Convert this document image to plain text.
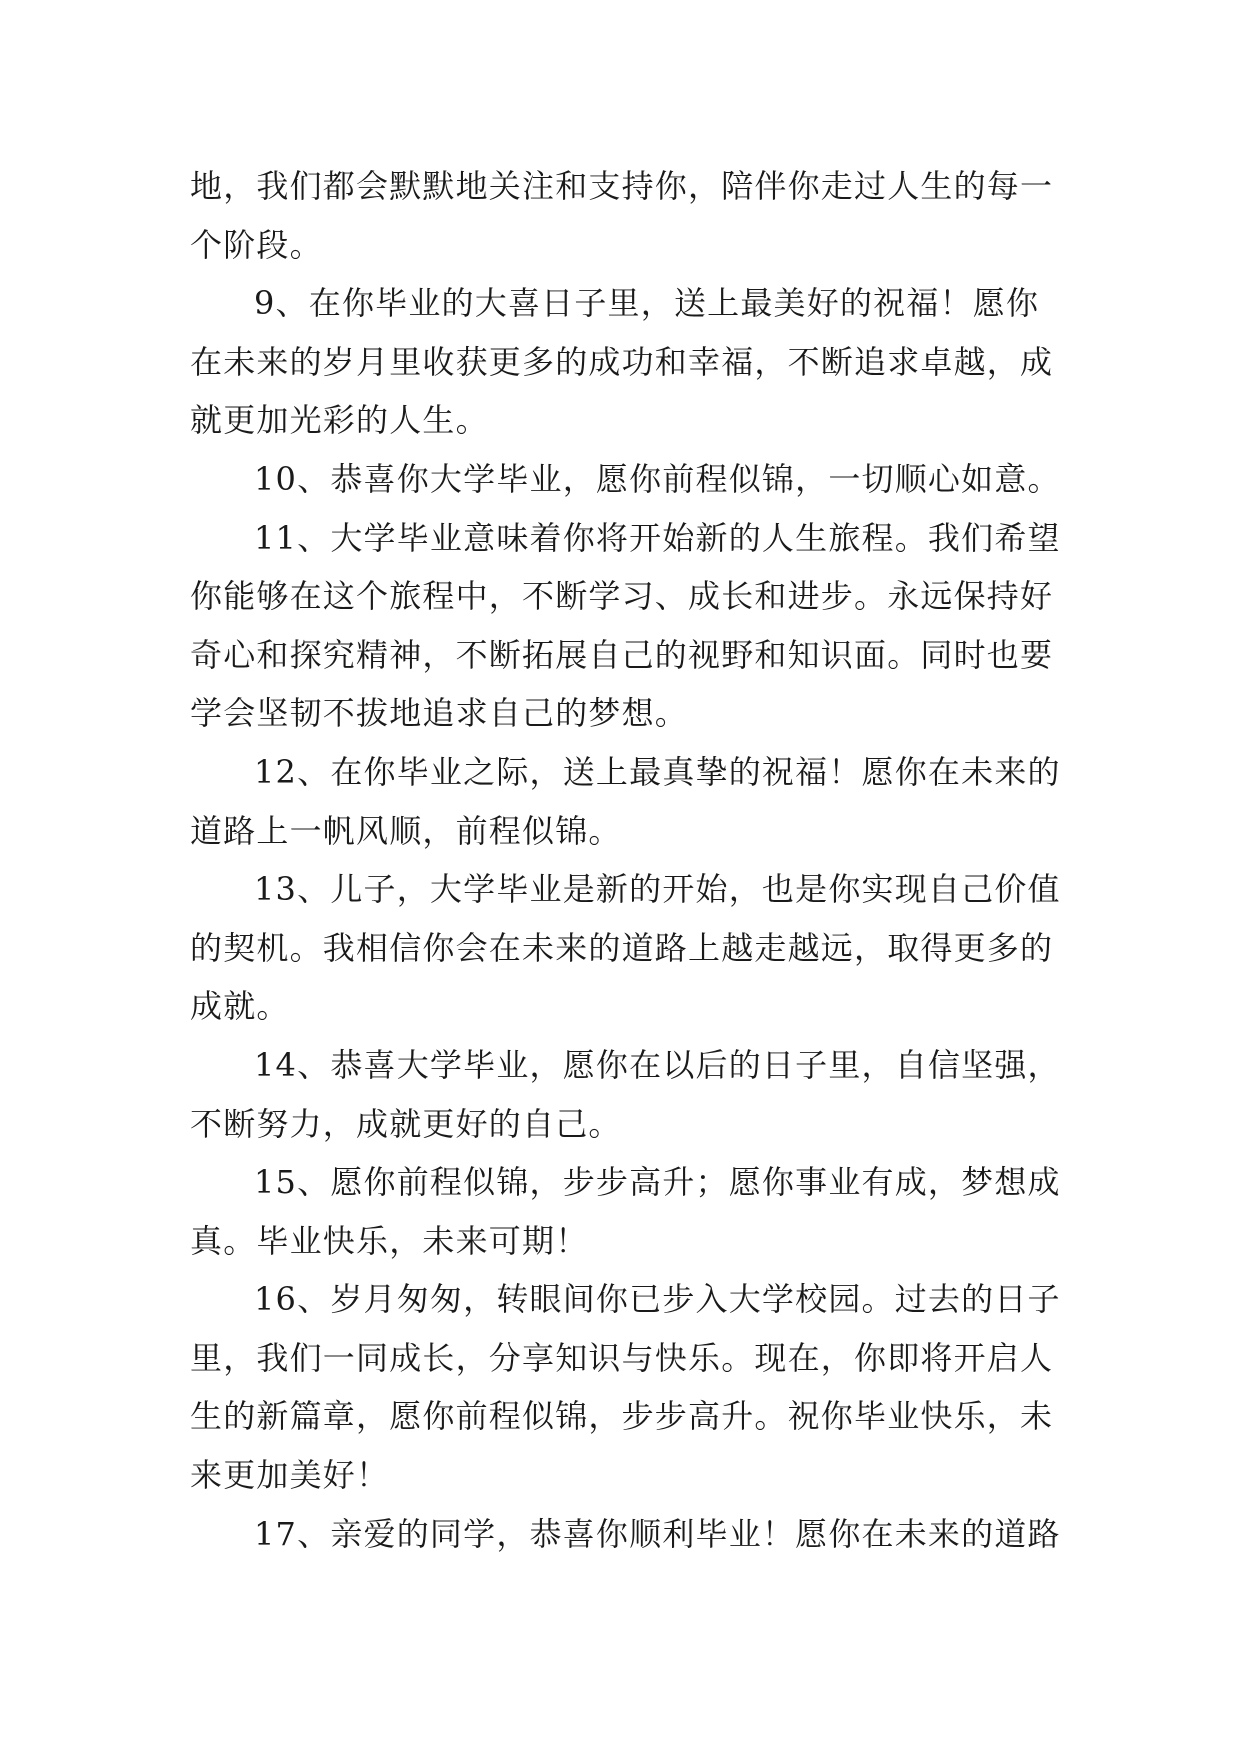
地，我们都会默默地关注和支持你，陪伴你走过人生的每一
个阶段。
9、在你毕业的大喜日子里，送上最美好的祝福！愿你
在未来的岁月里收获更多的成功和幸福，不断追求卓越，成
就更加光彩的人生。
10、恭喜你大学毕业，愿你前程似锦，一切顺心如意。
11、大学毕业意味着你将开始新的人生旅程。我们希望
你能够在这个旅程中，不断学习、成长和进步。永远保持好
奇心和探究精神，不断拓展自己的视野和知识面。同时也要
学会坚韧不拔地追求自己的梦想。
12、在你毕业之际，送上最真挚的祝福！愿你在未来的
道路上一帆风顺，前程似锦。
13、儿子，大学毕业是新的开始，也是你实现自己价值
的契机。我相信你会在未来的道路上越走越远，取得更多的
成就。
14、恭喜大学毕业，愿你在以后的日子里，自信坚强，
不断努力，成就更好的自己。
15、愿你前程似锦，步步高升；愿你事业有成，梦想成
真。毕业快乐，未来可期！
16、岁月匆匆，转眼间你已步入大学校园。过去的日子
里，我们一同成长，分享知识与快乐。现在，你即将开启人
生的新篇章，愿你前程似锦，步步高升。祝你毕业快乐，未
来更加美好！
17、亲爱的同学，恭喜你顺利毕业！愿你在未来的道路
